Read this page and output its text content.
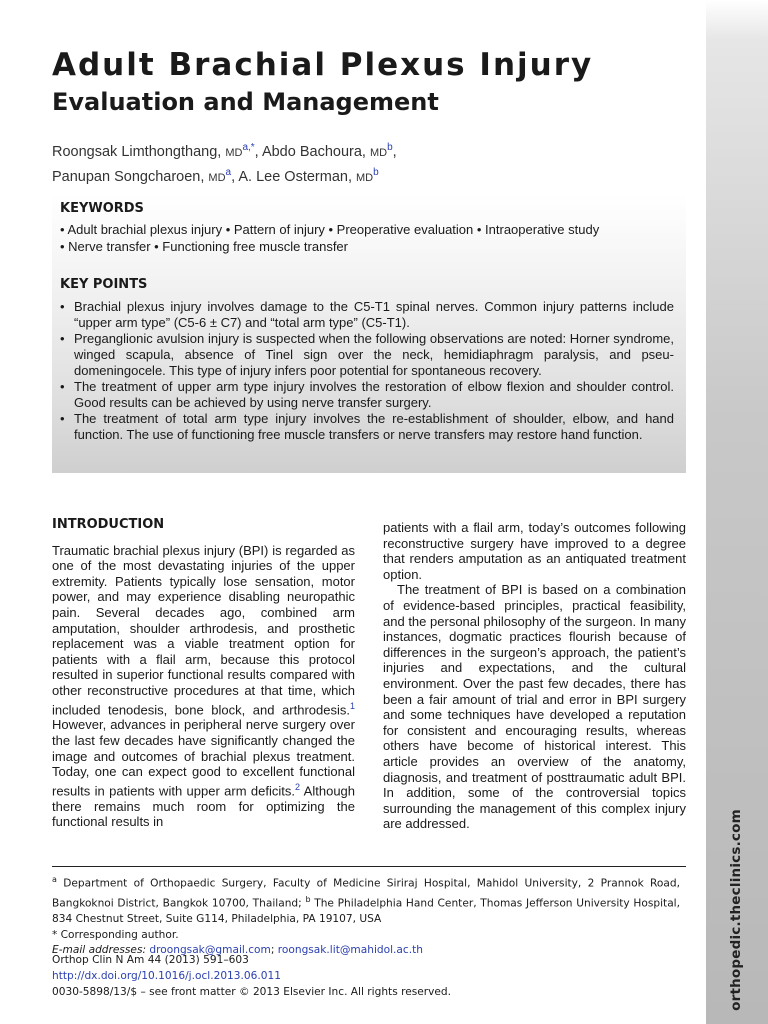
orthopedic.theclinics.com
Adult Brachial Plexus Injury
Evaluation and Management
Roongsak Limthongthang, $MD^{a,*}$, Abdo Bachoura, $MD^b$,
Panupan Songcharoen, $MD^a$, A. Lee Osterman, $MD^b$
KEYWORDS
• Adult brachial plexus injury • Pattern of injury • Preoperative evaluation • Intraoperative study
• Nerve transfer • Functioning free muscle transfer
KEY POINTS
• Brachial plexus injury involves damage to the C5-T1 spinal nerves. Common injury patterns include “upper arm type” (C5-6 ± C7) and “total arm type” (C5-T1).
• Preganglionic avulsion injury is suspected when the following observations are noted: Horner syndrome, winged scapula, absence of Tinel sign over the neck, hemidiaphragm paralysis, and pseudomeningocele. This type of injury infers poor potential for spontaneous recovery.
• The treatment of upper arm type injury involves the restoration of elbow flexion and shoulder control. Good results can be achieved by using nerve transfer surgery.
• The treatment of total arm type injury involves the re-establishment of shoulder, elbow, and hand function. The use of functioning free muscle transfers or nerve transfers may restore hand function.
INTRODUCTION

Traumatic brachial plexus injury (BPI) is regarded as one of the most devastating injuries of the upper extremity. Patients typically lose sensation, motor power, and may experience disabling neuropathic pain. Several decades ago, combined arm amputation, shoulder arthrodesis, and prosthetic replacement was a viable treatment option for patients with a flail arm, because this protocol resulted in superior functional results compared with other reconstructive procedures at that time, which included tenodesis, bone block, and arthrodesis.$^1$ However, advances in peripheral nerve surgery over the last few decades have significantly changed the image and outcomes of brachial plexus treatment. Today, one can expect good to excellent functional results in patients with upper arm deficits.$^2$ Although there remains much room for optimizing the functional results in

patients with a flail arm, today’s outcomes following reconstructive surgery have improved to a degree that renders amputation as an antiquated treatment option.

The treatment of BPI is based on a combination of evidence-based principles, practical feasibility, and the personal philosophy of the surgeon. In many instances, dogmatic practices flourish because of differences in the surgeon’s approach, the patient’s injuries and expectations, and the cultural environment. Over the past few decades, there has been a fair amount of trial and error in BPI surgery and some techniques have developed a reputation for consistent and encouraging results, whereas others have become of historical interest. This article provides an overview of the anatomy, diagnosis, and treatment of posttraumatic adult BPI. In addition, some of the controversial topics surrounding the management of this complex injury are addressed.

$^a$ Department of Orthopaedic Surgery, Faculty of Medicine Siriraj Hospital, Mahidol University, 2 Prannok Road, Bangkoknoi District, Bangkok 10700, Thailand; $^b$ The Philadelphia Hand Center, Thomas Jefferson University Hospital, 834 Chestnut Street, Suite G114, Philadelphia, PA 19107, USA

* Corresponding author.

E-mail addresses: droongsak@gmail.com; roongsak.lit@mahidol.ac.th

Orthop Clin N Am 44 (2013) 591–603

http://dx.doi.org/10.1016/j.ocl.2013.06.011

0030-5898/13/$ – see front matter © 2013 Elsevier Inc. All rights reserved.
